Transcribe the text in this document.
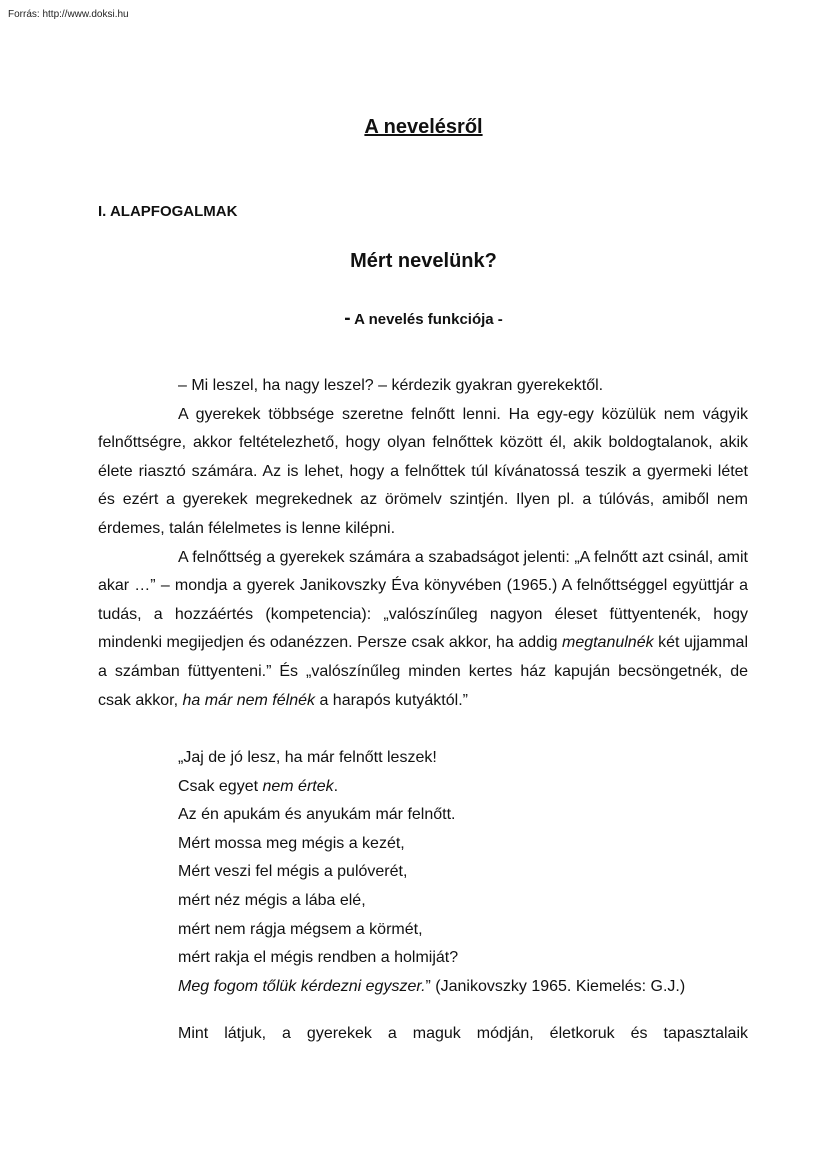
Forrás: http://www.doksi.hu
A nevelésről
I. ALAPFOGALMAK
Mért nevelünk?
- A nevelés funkciója -

– Mi leszel, ha nagy leszel? – kérdezik gyakran gyerekektől.

A gyerekek többsége szeretne felnőtt lenni. Ha egy-egy közülük nem vágyik felnőttségre, akkor feltételezhető, hogy olyan felnőttek között él, akik boldogtalanok, akik élete riasztó számára. Az is lehet, hogy a felnőttek túl kívánatossá teszik a gyermeki létet és ezért a gyerekek megrekednek az örömelv szintjén. Ilyen pl. a túlóvás, amiből nem érdemes, talán félelmetes is lenne kilépni.

A felnőttség a gyerekek számára a szabadságot jelenti: „A felnőtt azt csinál, amit akar …” – mondja a gyerek Janikovszky Éva könyvében (1965.) A felnőttséggel együttjár a tudás, a hozzáértés (kompetencia): „valószínűleg nagyon éleset füttyentenék, hogy mindenki megijedjen és odanézzen. Persze csak akkor, ha addig megtanulnék két ujjammal a számban füttyenteni.” És „valószínűleg minden kertes ház kapuján becsöngetnék, de csak akkor, ha már nem félnék a harapós kutyáktól.”

„Jaj de jó lesz, ha már felnőtt leszek!
Csak egyet nem értek.
Az én apukám és anyukám már felnőtt.
Mért mossa meg mégis a kezét,
Mért veszi fel mégis a pulóverét,
mért néz mégis a lába elé,
mért nem rágja mégsem a körmét,
mért rakja el mégis rendben a holmiját?
Meg fogom tőlük kérdezni egyszer.” (Janikovszky 1965. Kiemelés: G.J.)

Mint látjuk, a gyerekek a maguk módján, életkoruk és tapasztalaik
